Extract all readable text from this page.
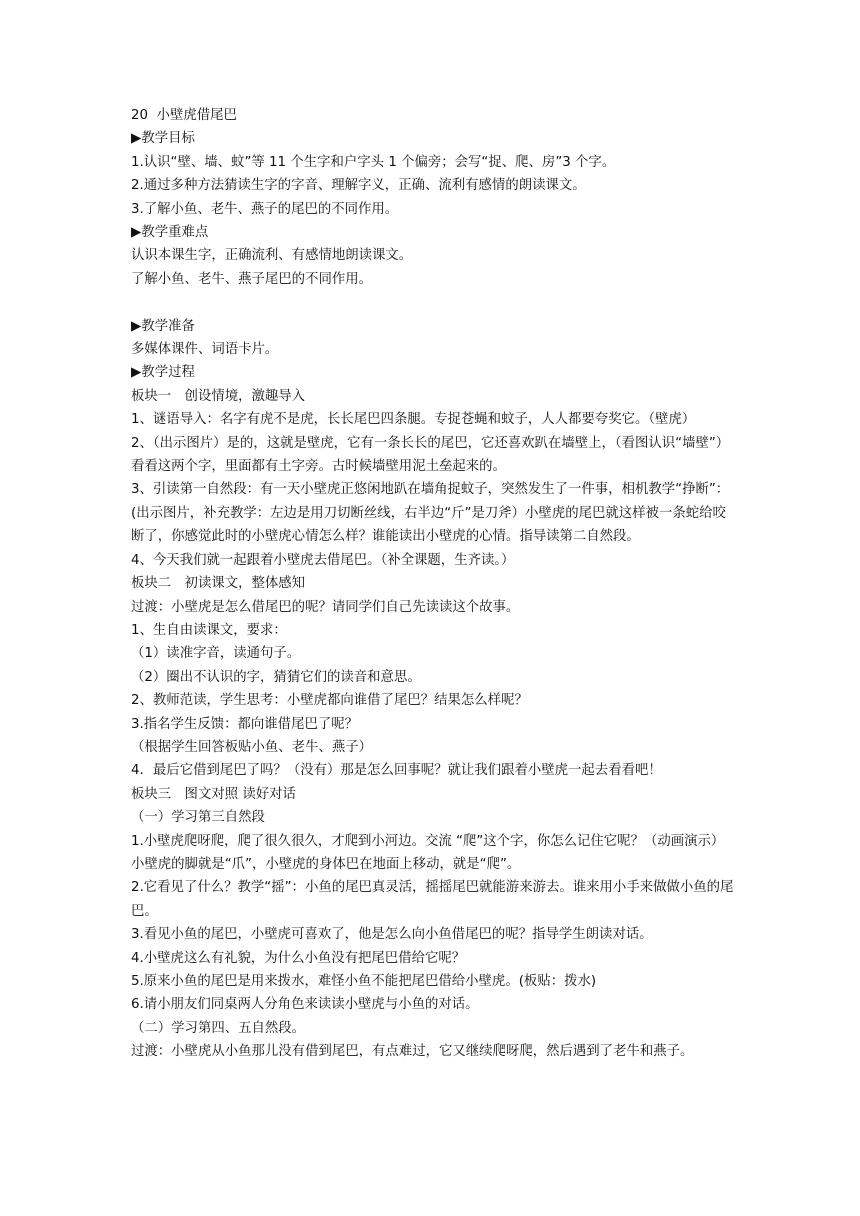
20  小壁虎借尾巴

▶教学目标

1.认识“壁、墙、蚊”等 11 个生字和户字头 1 个偏旁；会写“捉、爬、房”3 个字。

2.通过多种方法猜读生字的字音、理解字义，正确、流利有感情的朗读课文。

3.了解小鱼、老牛、燕子的尾巴的不同作用。

▶教学重难点

认识本课生字，正确流利、有感情地朗读课文。

了解小鱼、老牛、燕子尾巴的不同作用。

▶教学准备

多媒体课件、词语卡片。

▶教学过程

板块一　创设情境，激趣导入

1、谜语导入：名字有虎不是虎，长长尾巴四条腿。专捉苍蝇和蚊子，人人都要夸奖它。（壁虎）

2、（出示图片）是的，这就是壁虎，它有一条长长的尾巴，它还喜欢趴在墙壁上，（看图认识“墙壁”）看看这两个字，里面都有土字旁。古时候墙壁用泥土垒起来的。

3、引读第一自然段：有一天小壁虎正悠闲地趴在墙角捉蚊子，突然发生了一件事，相机教学“挣断”：(出示图片，补充教学：左边是用刀切断丝线，右半边“斤”是刀斧）小壁虎的尾巴就这样被一条蛇给咬断了，你感觉此时的小壁虎心情怎么样？谁能读出小壁虎的心情。指导读第二自然段。

4、今天我们就一起跟着小壁虎去借尾巴。（补全课题，生齐读。）

板块二　初读课文，整体感知

过渡：小壁虎是怎么借尾巴的呢？请同学们自己先读读这个故事。

1、生自由读课文，要求：

（1）读准字音，读通句子。

（2）圈出不认识的字，猜猜它们的读音和意思。

2、教师范读，学生思考：小壁虎都向谁借了尾巴？结果怎么样呢？

3.指名学生反馈：都向谁借尾巴了呢？

（根据学生回答板贴小鱼、老牛、燕子）

4．最后它借到尾巴了吗？（没有）那是怎么回事呢？就让我们跟着小壁虎一起去看看吧！

板块三　图文对照 读好对话

（一）学习第三自然段

1.小壁虎爬呀爬，爬了很久很久，才爬到小河边。交流 “爬”这个字，你怎么记住它呢？（动画演示）　小壁虎的脚就是“爪”，小壁虎的身体巴在地面上移动，就是“爬”。

2.它看见了什么？教学“摇”：小鱼的尾巴真灵活，摇摇尾巴就能游来游去。谁来用小手来做做小鱼的尾巴。

3.看见小鱼的尾巴，小壁虎可喜欢了，他是怎么向小鱼借尾巴的呢？指导学生朗读对话。

4.小壁虎这么有礼貌，为什么小鱼没有把尾巴借给它呢？

5.原来小鱼的尾巴是用来拨水，难怪小鱼不能把尾巴借给小壁虎。(板贴：拨水)

6.请小朋友们同桌两人分角色来读读小壁虎与小鱼的对话。

（二）学习第四、五自然段。

过渡：小壁虎从小鱼那儿没有借到尾巴，有点难过，它又继续爬呀爬，然后遇到了老牛和燕子。
